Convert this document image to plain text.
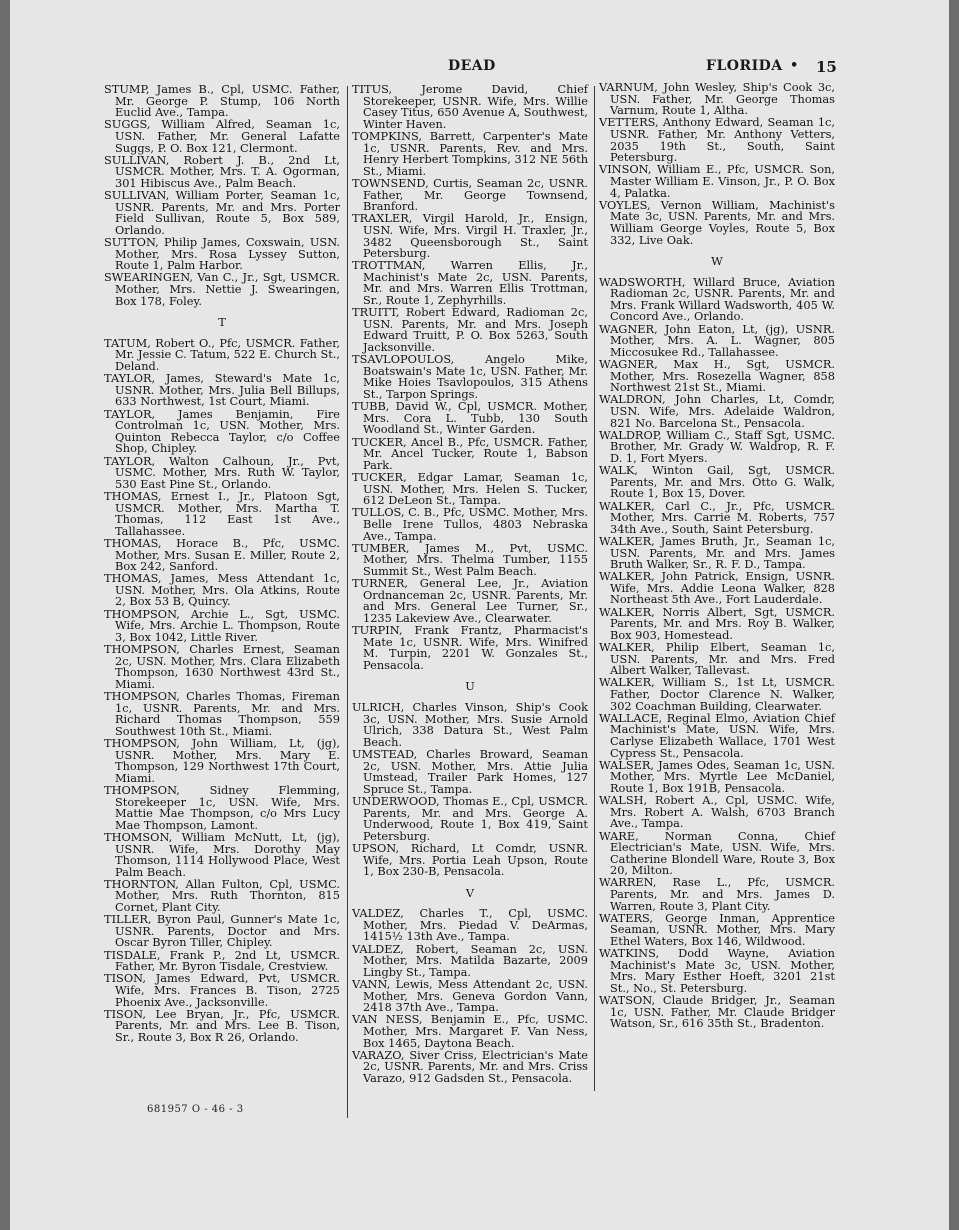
DEAD	FLORIDA • 15

STUMP, James B., Cpl, USMC. Father, Mr. George P. Stump, 106 North Euclid Ave., Tampa.

SUGGS, William Alfred, Seaman 1c, USN. Father, Mr. General Lafatte Suggs, P. O. Box 121, Clermont.

SULLIVAN, Robert J. B., 2nd Lt, USMCR. Mother, Mrs. T. A. Ogorman, 301 Hibiscus Ave., Palm Beach.

SULLIVAN, William Porter, Seaman 1c, USNR. Parents, Mr. and Mrs. Porter Field Sullivan, Route 5, Box 589, Orlando.

SUTTON, Philip James, Coxswain, USN. Mother, Mrs. Rosa Lyssey Sutton, Route 1, Palm Harbor.

SWEARINGEN, Van C., Jr., Sgt, USMCR. Mother, Mrs. Nettie J. Swearingen, Box 178, Foley.

T

TATUM, Robert O., Pfc, USMCR. Father, Mr. Jessie C. Tatum, 522 E. Church St., Deland.

TAYLOR, James, Steward's Mate 1c, USNR. Mother, Mrs. Julia Bell Billups, 633 Northwest, 1st Court, Miami.

TAYLOR, James Benjamin, Fire Controlman 1c, USN. Mother, Mrs. Quinton Rebecca Taylor, c/o Coffee Shop, Chipley.

TAYLOR, Walton Calhoun, Jr., Pvt, USMC. Mother, Mrs. Ruth W. Taylor, 530 East Pine St., Orlando.

THOMAS, Ernest I., Jr., Platoon Sgt, USMCR. Mother, Mrs. Martha T. Thomas, 112 East 1st Ave., Tallahassee.

THOMAS, Horace B., Pfc, USMC. Mother, Mrs. Susan E. Miller, Route 2, Box 242, Sanford.

THOMAS, James, Mess Attendant 1c, USN. Mother, Mrs. Ola Atkins, Route 2, Box 53 B, Quincy.

THOMPSON, Archie L., Sgt, USMC. Wife, Mrs. Archie L. Thompson, Route 3, Box 1042, Little River.

THOMPSON, Charles Ernest, Seaman 2c, USN. Mother, Mrs. Clara Elizabeth Thompson, 1630 Northwest 43rd St., Miami.

THOMPSON, Charles Thomas, Fireman 1c, USNR. Parents, Mr. and Mrs. Richard Thomas Thompson, 559 Southwest 10th St., Miami.

THOMPSON, John William, Lt, (jg), USNR. Mother, Mrs. Mary E. Thompson, 129 Northwest 17th Court, Miami.

THOMPSON, Sidney Flemming, Storekeeper 1c, USN. Wife, Mrs. Mattie Mae Thompson, c/o Mrs Lucy Mae Thompson, Lamont.

THOMSON, William McNutt, Lt, (jg), USNR. Wife, Mrs. Dorothy May Thomson, 1114 Hollywood Place, West Palm Beach.

THORNTON, Allan Fulton, Cpl, USMC. Mother, Mrs. Ruth Thornton, 815 Cornet, Plant City.

TILLER, Byron Paul, Gunner's Mate 1c, USNR. Parents, Doctor and Mrs. Oscar Byron Tiller, Chipley.

TISDALE, Frank P., 2nd Lt, USMCR. Father, Mr. Byron Tisdale, Crestview.

TISON, James Edward, Pvt, USMCR. Wife, Mrs. Frances B. Tison, 2725 Phoenix Ave., Jacksonville.

TISON, Lee Bryan, Jr., Pfc, USMCR. Parents, Mr. and Mrs. Lee B. Tison, Sr., Route 3, Box R 26, Orlando.

TITUS, Jerome David, Chief Storekeeper, USNR. Wife, Mrs. Willie Casey Titus, 650 Avenue A, Southwest, Winter Haven.

TOMPKINS, Barrett, Carpenter's Mate 1c, USNR. Parents, Rev. and Mrs. Henry Herbert Tompkins, 312 NE 56th St., Miami.

TOWNSEND, Curtis, Seaman 2c, USNR. Father, Mr. George Townsend, Branford.

TRAXLER, Virgil Harold, Jr., Ensign, USN. Wife, Mrs. Virgil H. Traxler, Jr., 3482 Queensborough St., Saint Petersburg.

TROTTMAN, Warren Ellis, Jr., Machinist's Mate 2c, USN. Parents, Mr. and Mrs. Warren Ellis Trottman, Sr., Route 1, Zephyrhills.

TRUITT, Robert Edward, Radioman 2c, USN. Parents, Mr. and Mrs. Joseph Edward Truitt, P. O. Box 5263, South Jacksonville.

TSAVLOPOULOS, Angelo Mike, Boatswain's Mate 1c, USN. Father, Mr. Mike Hoies Tsavlopoulos, 315 Athens St., Tarpon Springs.

TUBB, David W., Cpl, USMCR. Mother, Mrs. Cora L. Tubb, 130 South Woodland St., Winter Garden.

TUCKER, Ancel B., Pfc, USMCR. Father, Mr. Ancel Tucker, Route 1, Babson Park.

TUCKER, Edgar Lamar, Seaman 1c, USN. Mother, Mrs. Helen S. Tucker, 612 DeLeon St., Tampa.

TULLOS, C. B., Pfc, USMC. Mother, Mrs. Belle Irene Tullos, 4803 Nebraska Ave., Tampa.

TUMBER, James M., Pvt, USMC. Mother, Mrs. Thelma Tumber, 1155 Summit St., West Palm Beach.

TURNER, General Lee, Jr., Aviation Ordnanceman 2c, USNR. Parents, Mr. and Mrs. General Lee Turner, Sr., 1235 Lakeview Ave., Clearwater.

TURPIN, Frank Frantz, Pharmacist's Mate 1c, USNR. Wife, Mrs. Winifred M. Turpin, 2201 W. Gonzales St., Pensacola.

U

ULRICH, Charles Vinson, Ship's Cook 3c, USN. Mother, Mrs. Susie Arnold Ulrich, 338 Datura St., West Palm Beach.

UMSTEAD, Charles Broward, Seaman 2c, USN. Mother, Mrs. Attie Julia Umstead, Trailer Park Homes, 127 Spruce St., Tampa.

UNDERWOOD, Thomas E., Cpl, USMCR. Parents, Mr. and Mrs. George A. Underwood, Route 1, Box 419, Saint Petersburg.

UPSON, Richard, Lt Comdr, USNR. Wife, Mrs. Portia Leah Upson, Route 1, Box 230-B, Pensacola.

V

VALDEZ, Charles T., Cpl, USMC. Mother, Mrs. Piedad V. DeArmas, 1415½ 13th Ave., Tampa.

VALDEZ, Robert, Seaman 2c, USN. Mother, Mrs. Matilda Bazarte, 2009 Lingby St., Tampa.

VANN, Lewis, Mess Attendant 2c, USN. Mother, Mrs. Geneva Gordon Vann, 2418 37th Ave., Tampa.

VAN NESS, Benjamin E., Pfc, USMC. Mother, Mrs. Margaret F. Van Ness, Box 1465, Daytona Beach.

VARAZO, Siver Criss, Electrician's Mate 2c, USNR. Parents, Mr. and Mrs. Criss Varazo, 912 Gadsden St., Pensacola.

VARNUM, John Wesley, Ship's Cook 3c, USN. Father, Mr. George Thomas Varnum, Route 1, Altha.

VETTERS, Anthony Edward, Seaman 1c, USNR. Father, Mr. Anthony Vetters, 2035 19th St., South, Saint Petersburg.

VINSON, William E., Pfc, USMCR. Son, Master William E. Vinson, Jr., P. O. Box 4, Palatka.

VOYLES, Vernon William, Machinist's Mate 3c, USN. Parents, Mr. and Mrs. William George Voyles, Route 5, Box 332, Live Oak.

W

WADSWORTH, Willard Bruce, Aviation Radioman 2c, USNR. Parents, Mr. and Mrs. Frank Willard Wadsworth, 405 W. Concord Ave., Orlando.

WAGNER, John Eaton, Lt, (jg), USNR. Mother, Mrs. A. L. Wagner, 805 Miccosukee Rd., Tallahassee.

WAGNER, Max H., Sgt, USMCR. Mother, Mrs. Rosezella Wagner, 858 Northwest 21st St., Miami.

WALDRON, John Charles, Lt, Comdr, USN. Wife, Mrs. Adelaide Waldron, 821 No. Barcelona St., Pensacola.

WALDROP, William C., Staff Sgt, USMC. Brother, Mr. Grady W. Waldrop, R. F. D. 1, Fort Myers.

WALK, Winton Gail, Sgt, USMCR. Parents, Mr. and Mrs. Otto G. Walk, Route 1, Box 15, Dover.

WALKER, Carl C., Jr., Pfc, USMCR. Mother, Mrs. Carrie M. Roberts, 757 34th Ave., South, Saint Petersburg.

WALKER, James Bruth, Jr., Seaman 1c, USN. Parents, Mr. and Mrs. James Bruth Walker, Sr., R. F. D., Tampa.

WALKER, John Patrick, Ensign, USNR. Wife, Mrs. Addie Leona Walker, 828 Northeast 5th Ave., Fort Lauderdale.

WALKER, Norris Albert, Sgt, USMCR. Parents, Mr. and Mrs. Roy B. Walker, Box 903, Homestead.

WALKER, Philip Elbert, Seaman 1c, USN. Parents, Mr. and Mrs. Fred Albert Walker, Tallevast.

WALKER, William S., 1st Lt, USMCR. Father, Doctor Clarence N. Walker, 302 Coachman Building, Clearwater.

WALLACE, Reginal Elmo, Aviation Chief Machinist's Mate, USN. Wife, Mrs. Carlyse Elizabeth Wallace, 1701 West Cypress St., Pensacola.

WALSER, James Odes, Seaman 1c, USN. Mother, Mrs. Myrtle Lee McDaniel, Route 1, Box 191B, Pensacola.

WALSH, Robert A., Cpl, USMC. Wife, Mrs. Robert A. Walsh, 6703 Branch Ave., Tampa.

WARE, Norman Conna, Chief Electrician's Mate, USN. Wife, Mrs. Catherine Blondell Ware, Route 3, Box 20, Milton.

WARREN, Rase L., Pfc, USMCR. Parents, Mr. and Mrs. James D. Warren, Route 3, Plant City.

WATERS, George Inman, Apprentice Seaman, USNR. Mother, Mrs. Mary Ethel Waters, Box 146, Wildwood.

WATKINS, Dodd Wayne, Aviation Machinist's Mate 3c, USN. Mother, Mrs. Mary Esther Hoeft, 3201 21st St., No., St. Petersburg.

WATSON, Claude Bridger, Jr., Seaman 1c, USN. Father, Mr. Claude Bridger Watson, Sr., 616 35th St., Bradenton.

681957 O - 46 - 3
